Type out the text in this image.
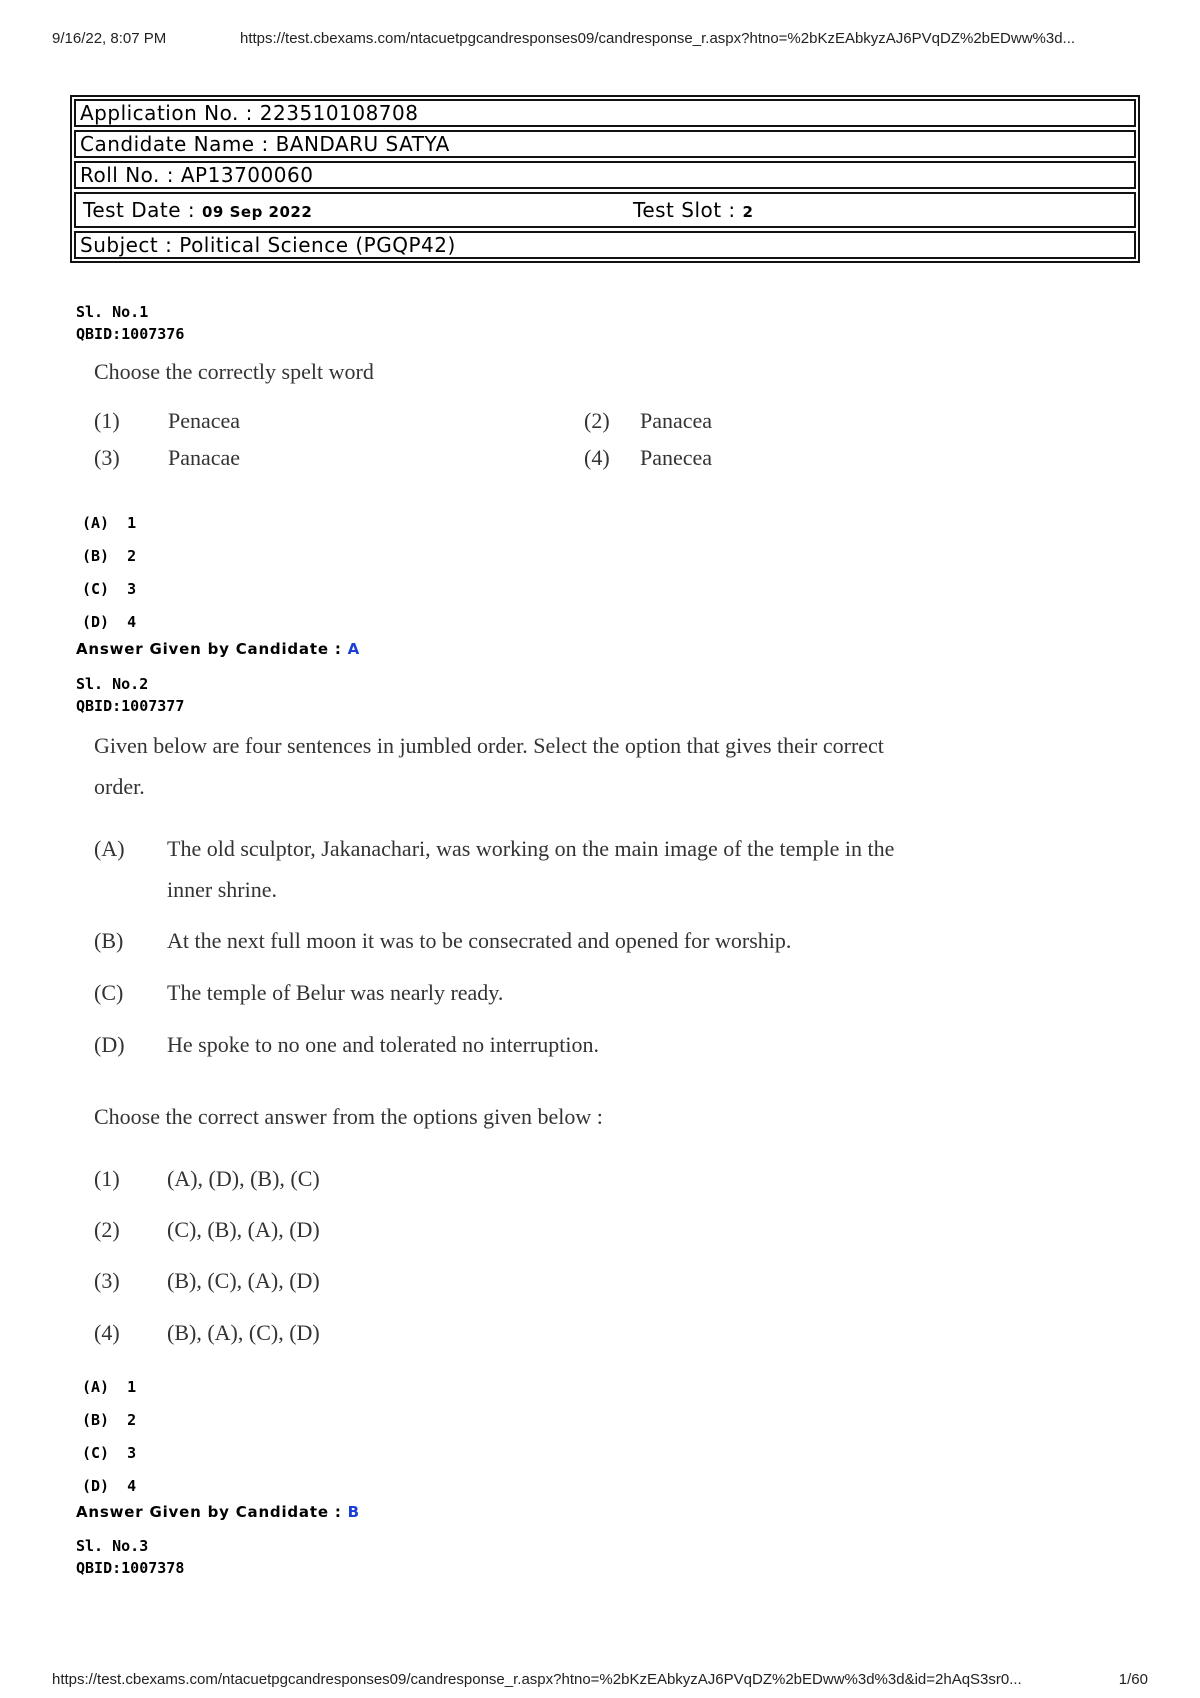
9/16/22, 8:07 PM	https://test.cbexams.com/ntacuetpgcandresponses09/candresponse_r.aspx?htno=%2bKzEAbkyzAJ6PVqDZ%2bEDww%3d...
Application No. : 223510108708
Candidate Name : BANDARU SATYA
Roll No. : AP13700060
Test Date : 09 Sep 2022	Test Slot : 2
Subject : Political Science (PGQP42)
Sl. No.1
QBID:1007376
Choose the correctly spelt word
(1) Penacea	(2) Panacea
(3) Panacae	(4) Panecea
(A)  1
(B)  2
(C)  3
(D)  4
Answer Given by Candidate : A
Sl. No.2
QBID:1007377
Given below are four sentences in jumbled order. Select the option that gives their correct
order.
(A) The old sculptor, Jakanachari, was working on the main image of the temple in the
inner shrine.
(B) At the next full moon it was to be consecrated and opened for worship.
(C) The temple of Belur was nearly ready.
(D) He spoke to no one and tolerated no interruption.
Choose the correct answer from the options given below :
(1) (A), (D), (B), (C)
(2) (C), (B), (A), (D)
(3) (B), (C), (A), (D)
(4) (B), (A), (C), (D)
(A)  1
(B)  2
(C)  3
(D)  4
Answer Given by Candidate : B
Sl. No.3
QBID:1007378
https://test.cbexams.com/ntacuetpgcandresponses09/candresponse_r.aspx?htno=%2bKzEAbkyzAJ6PVqDZ%2bEDww%3d%3d&id=2hAqS3sr0...	1/60
